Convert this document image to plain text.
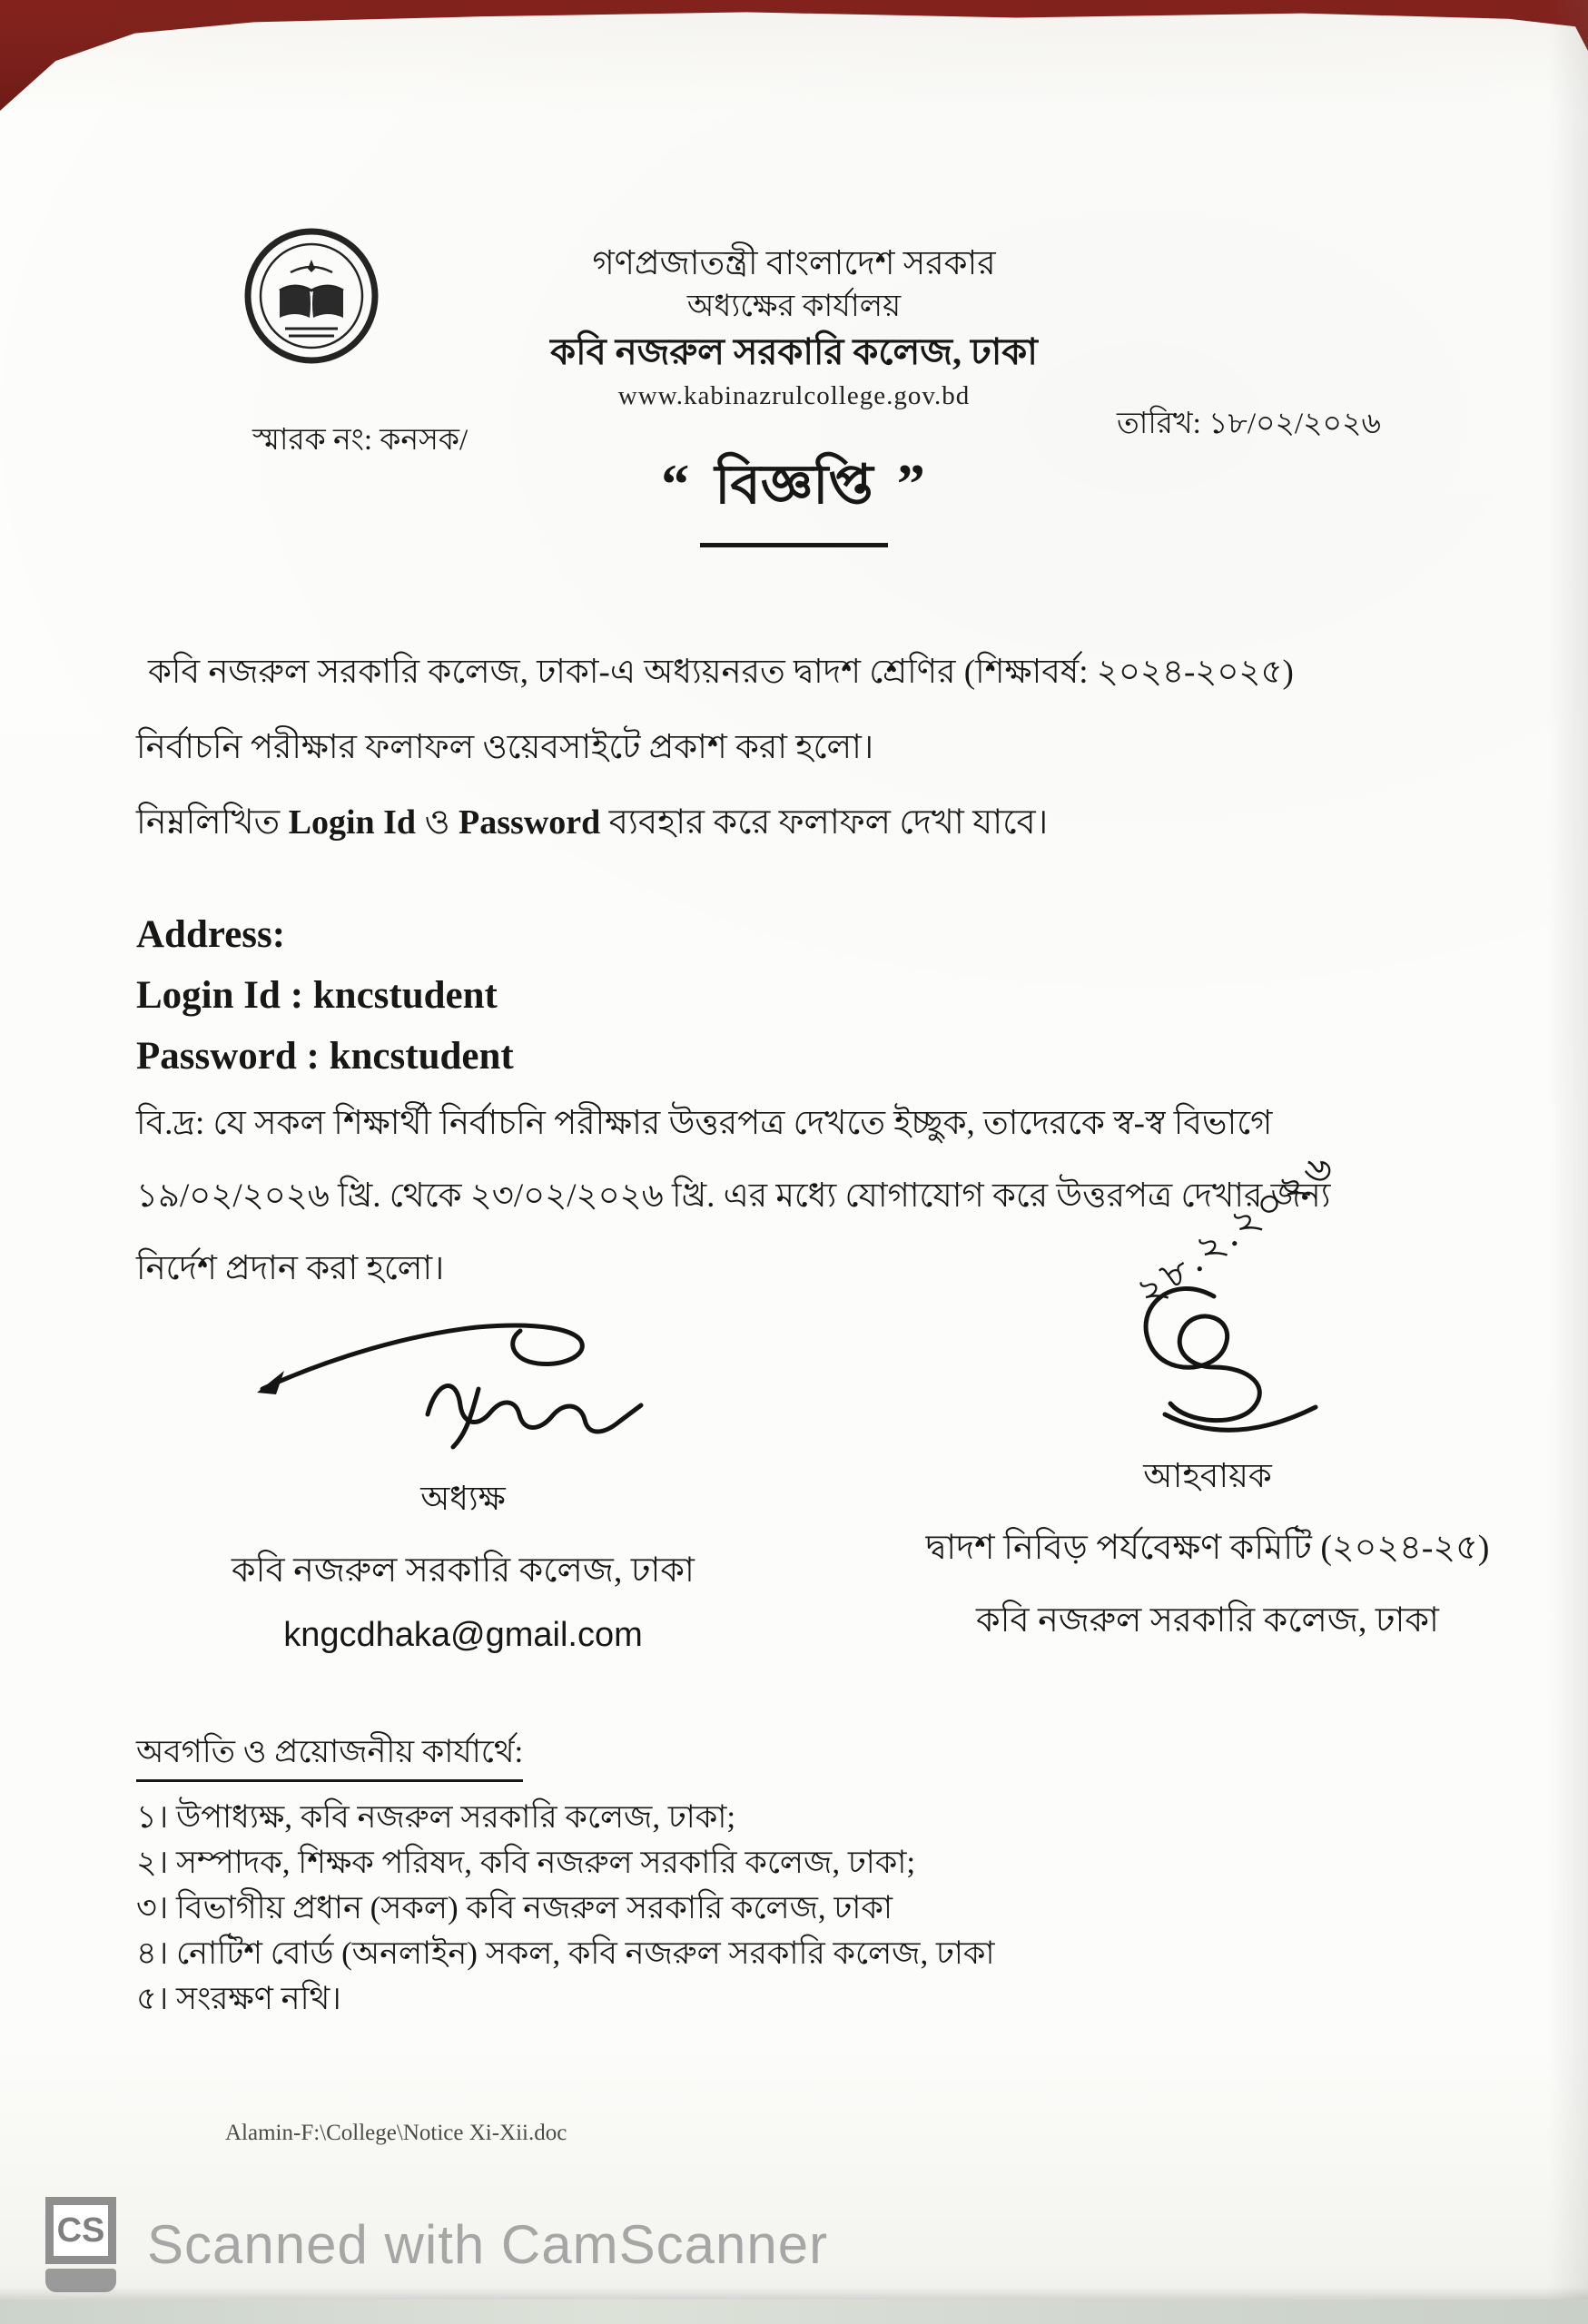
গণপ্রজাতন্ত্রী বাংলাদেশ সরকার
অধ্যক্ষের কার্যালয়
কবি নজরুল সরকারি কলেজ, ঢাকা
www.kabinazrulcollege.gov.bd
স্মারক নং: কনসক/	তারিখ: ১৮/০২/২০২৬
“ বিজ্ঞপ্তি ”
কবি নজরুল সরকারি কলেজ, ঢাকা-এ অধ্যয়নরত দ্বাদশ শ্রেণির (শিক্ষাবর্ষ: ২০২৪-২০২৫)
নির্বাচনি পরীক্ষার ফলাফল ওয়েবসাইটে প্রকাশ করা হলো।
নিম্নলিখিত Login Id ও Password ব্যবহার করে ফলাফল দেখা যাবে।
Address:
Login Id : kncstudent
Password : kncstudent
বি.দ্র: যে সকল শিক্ষার্থী নির্বাচনি পরীক্ষার উত্তরপত্র দেখতে ইচ্ছুক, তাদেরকে স্ব-স্ব বিভাগে
১৯/০২/২০২৬ খ্রি. থেকে ২৩/০২/২০২৬ খ্রি. এর মধ্যে যোগাযোগ করে উত্তরপত্র দেখার জন্য
নির্দেশ প্রদান করা হলো।
অধ্যক্ষ
কবি নজরুল সরকারি কলেজ, ঢাকা
kngcdhaka@gmail.com
২৮.২.২০২৬
আহবায়ক
দ্বাদশ নিবিড় পর্যবেক্ষণ কমিটি (২০২৪-২৫)
কবি নজরুল সরকারি কলেজ, ঢাকা
অবগতি ও প্রয়োজনীয় কার্যার্থে:
১। উপাধ্যক্ষ, কবি নজরুল সরকারি কলেজ, ঢাকা;
২। সম্পাদক, শিক্ষক পরিষদ, কবি নজরুল সরকারি কলেজ, ঢাকা;
৩। বিভাগীয় প্রধান (সকল) কবি নজরুল সরকারি কলেজ, ঢাকা
৪। নোটিশ বোর্ড (অনলাইন) সকল, কবি নজরুল সরকারি কলেজ, ঢাকা
৫। সংরক্ষণ নথি।
Alamin-F:\College\Notice Xi-Xii.doc
CS Scanned with CamScanner
